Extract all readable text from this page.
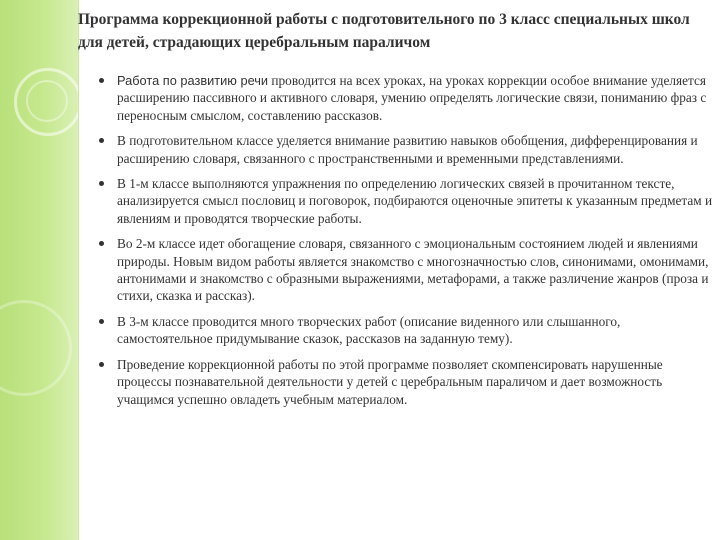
Программа коррекционной работы с подготовительного по 3 класс специальных школ для детей, страдающих церебральным параличом
Работа по развитию речи проводится на всех уроках, на уроках коррекции особое внимание уделяется расширению пассивного и активного словаря, умению определять логические связи, пониманию фраз с переносным смыслом, составлению рассказов.
В подготовительном классе уделяется внимание развитию навыков обобщения, дифференцирования и расширению словаря, связанного с пространственными и временными представлениями.
В 1-м классе выполняются упражнения по определению логических связей в прочитанном тексте, анализируется смысл пословиц и поговорок, подбираются оценочные эпитеты к указанным предметам и явлениям и проводятся творческие работы.
Во 2-м классе идет обогащение словаря, связанного с эмоциональным состоянием людей и явлениями природы. Новым видом работы является знакомство с многозначностью слов, синонимами, омонимами, антонимами и знакомство с образными выражениями, метафорами, а также различение жанров (проза и стихи, сказка и рассказ).
В 3-м классе проводится много творческих работ (описание виденного или слышанного, самостоятельное придумывание сказок, рассказов на заданную тему).
Проведение коррекционной работы по этой программе позволяет скомпенсировать нарушенные процессы познавательной деятельности у детей с церебральным параличом и дает возможность учащимся успешно овладеть учебным материалом.
